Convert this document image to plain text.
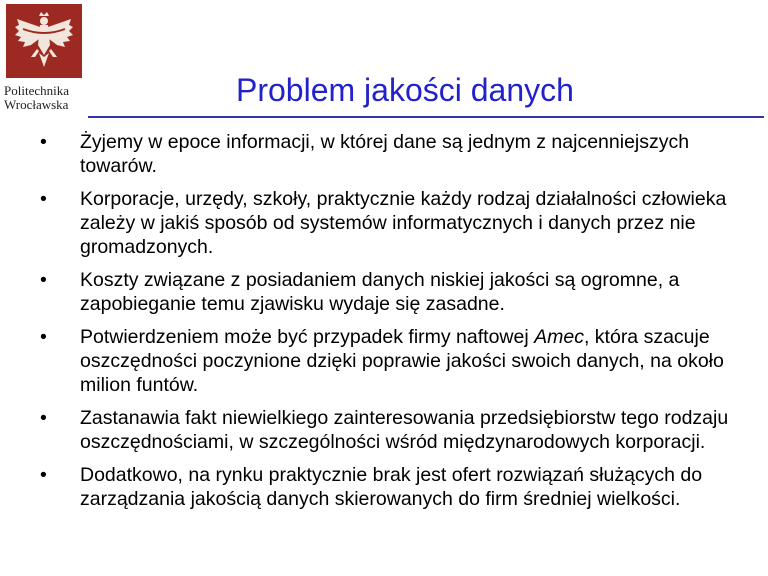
Politechnika
Wrocławska	Problem jakości danych
•	Żyjemy w epoce informacji, w której dane są jednym z najcenniejszych towarów.
•	Korporacje, urzędy, szkoły, praktycznie każdy rodzaj działalności człowieka zależy w jakiś sposób od systemów informatycznych i danych przez nie gromadzonych.
•	Koszty związane z posiadaniem danych niskiej jakości są ogromne, a zapobieganie temu zjawisku wydaje się zasadne.
•	Potwierdzeniem może być przypadek firmy naftowej Amec, która szacuje oszczędności poczynione dzięki poprawie jakości swoich danych, na około milion funtów.
•	Zastanawia fakt niewielkiego zainteresowania przedsiębiorstw tego rodzaju oszczędnościami, w szczególności wśród międzynarodowych korporacji.
•	Dodatkowo, na rynku praktycznie brak jest ofert rozwiązań służących do zarządzania jakością danych skierowanych do firm średniej wielkości.
